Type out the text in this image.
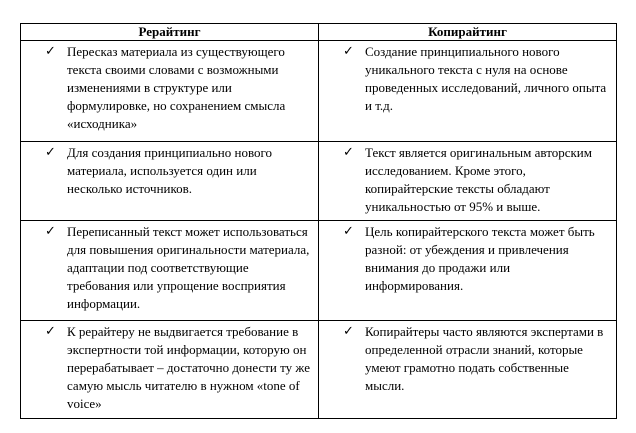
Рерайтинг	Копирайтинг

✓ Пересказ материала из существующего текста своими словами с возможными изменениями в структуре или формулировке, но сохранением смысла «исходника»	✓ Создание принципиального нового уникального текста с нуля на основе проведенных исследований, личного опыта и т.д.

✓ Для создания принципиально нового материала, используется один или несколько источников.	✓ Текст является оригинальным авторским исследованием. Кроме этого, копирайтерские тексты обладают уникальностью от 95% и выше.

✓ Переписанный текст может использоваться для повышения оригинальности материала, адаптации под соответствующие требования или упрощение восприятия информации.	✓ Цель копирайтерского текста может быть разной: от убеждения и привлечения внимания до продажи или информирования.

✓ К рерайтеру не выдвигается требование в экспертности той информации, которую он перерабатывает – достаточно донести ту же самую мысль читателю в нужном «tone of voice»	✓ Копирайтеры часто являются экспертами в определенной отрасли знаний, которые умеют грамотно подать собственные мысли.
